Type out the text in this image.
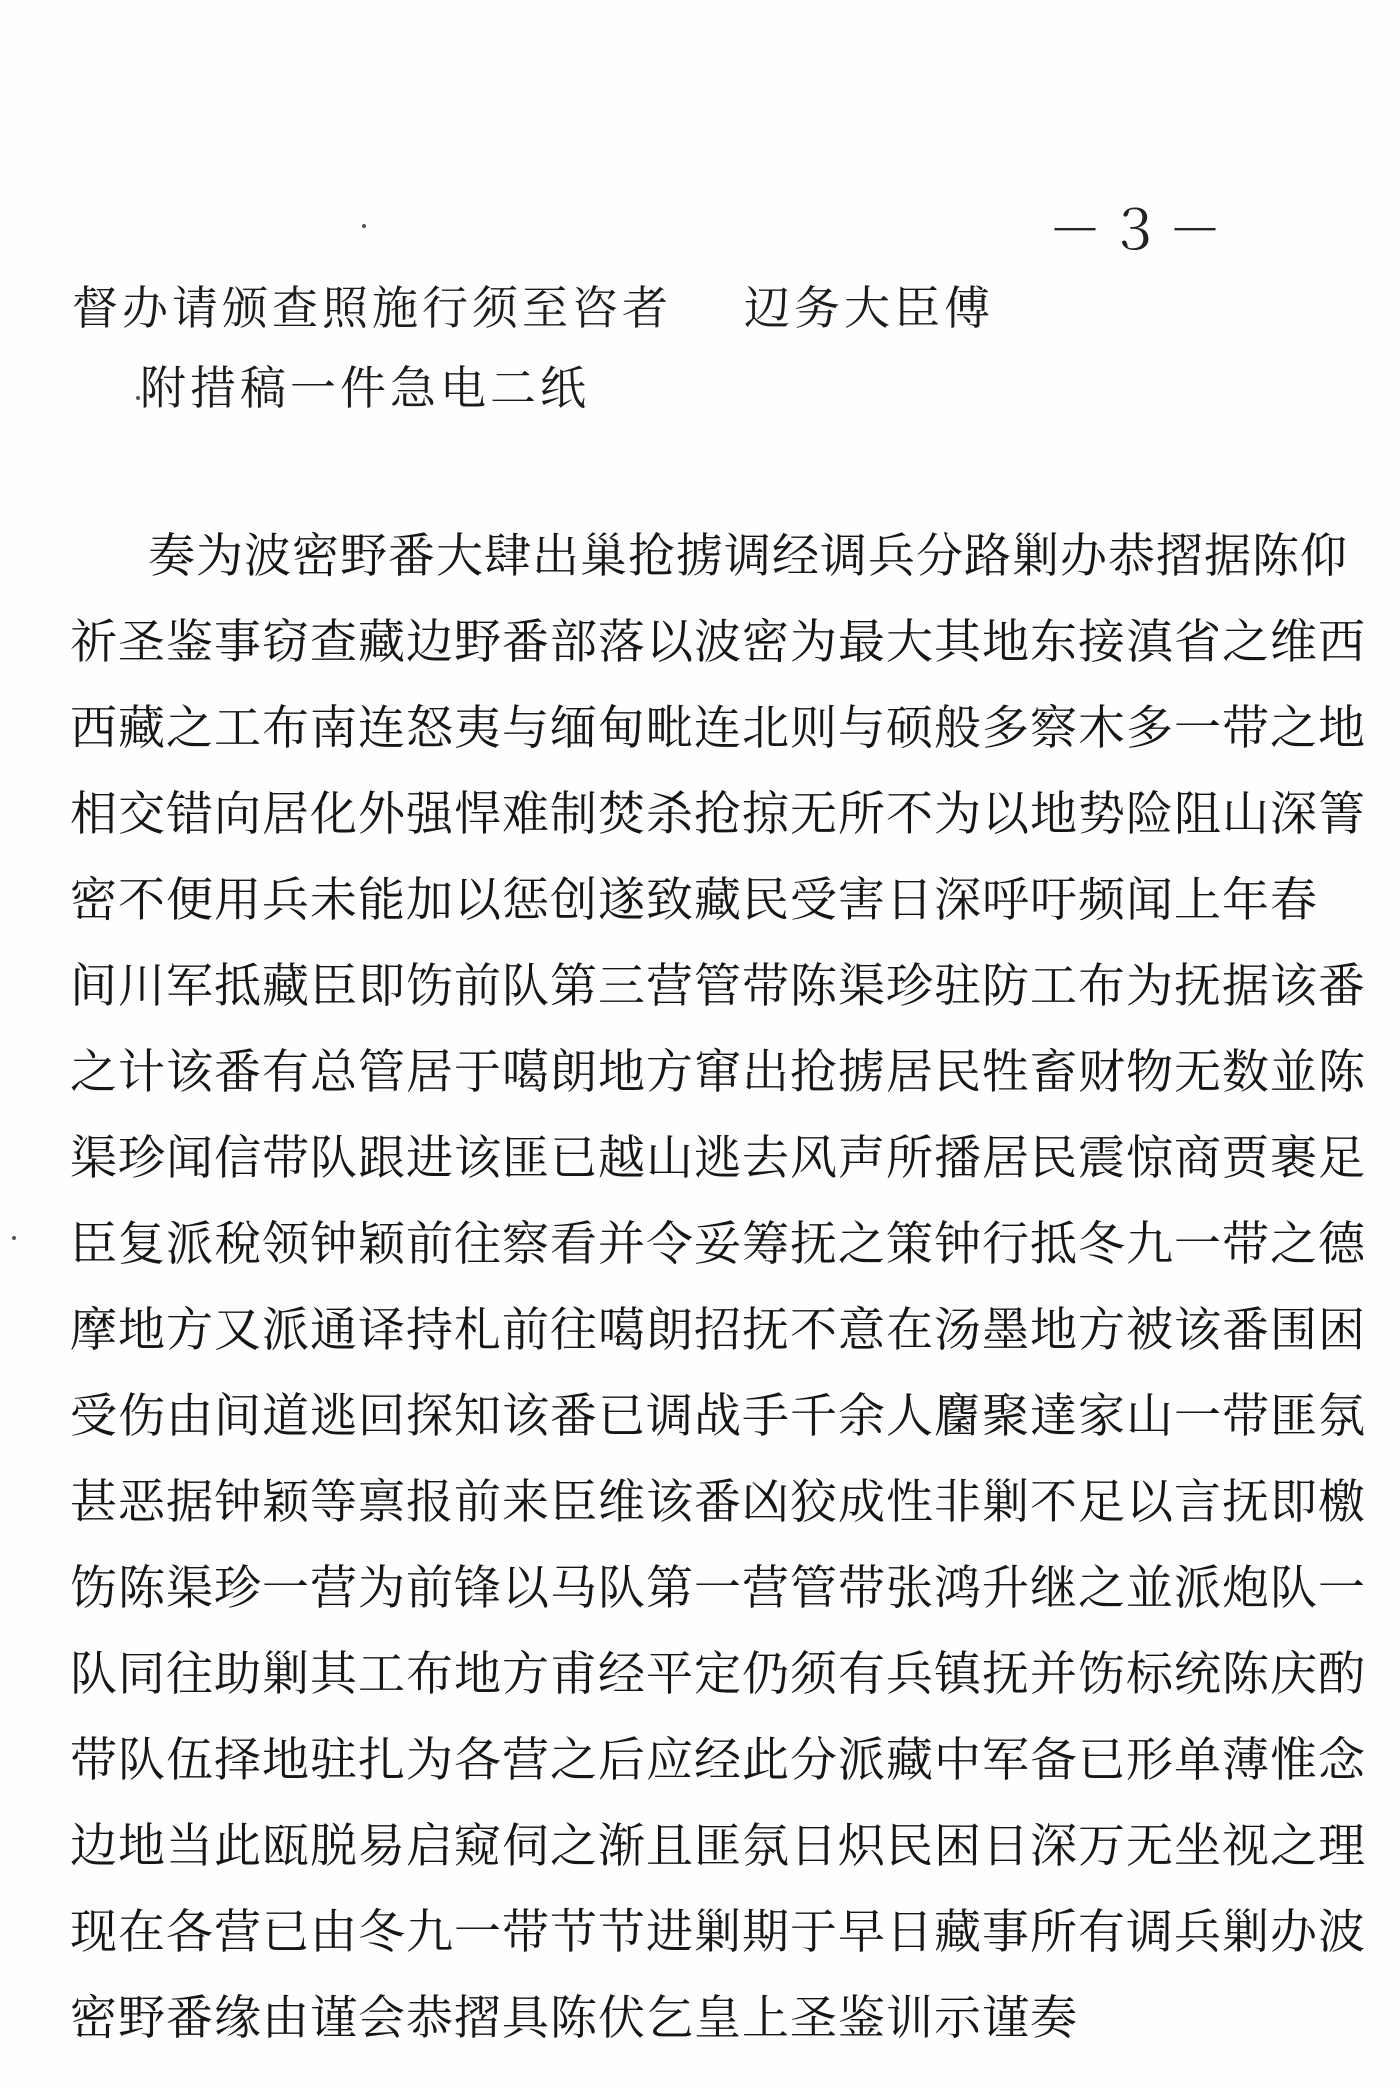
－３－
督办请颁查照施行须至咨者 辺务大臣傅
附措稿一件急电二纸
奏为波密野番大肆出巢抢掳调经调兵分路剿办恭摺据陈仰
祈圣鉴事窃查藏边野番部落以波密为最大其地东接滇省之维西
西藏之工布南连怒夷与缅甸毗连北则与硕般多察木多一带之地
相交错向居化外强悍难制焚杀抢掠无所不为以地势险阻山深箐
密不便用兵未能加以惩创遂致藏民受害日深呼吁频闻上年春
间川军抵藏臣即饬前队第三营管带陈渠珍驻防工布为抚据该番
之计该番有总管居于噶朗地方窜出抢掳居民牲畜财物无数並陈
渠珍闻信带队跟进该匪已越山逃去风声所播居民震惊商贾裹足
臣复派稅领钟颖前往察看并令妥筹抚之策钟行抵冬九一带之德
摩地方又派通译持札前往噶朗招抚不意在汤墨地方被该番围困
受伤由间道逃回探知该番已调战手千余人麕聚達家山一带匪氛
甚恶据钟颖等禀报前来臣维该番凶狡成性非剿不足以言抚即檄
饬陈渠珍一营为前锋以马队第一营管带张鸿升继之並派炮队一
队同往助剿其工布地方甫经平定仍须有兵镇抚并饬标统陈庆酌
带队伍择地驻扎为各营之后应经此分派藏中军备已形单薄惟念
边地当此瓯脱易启窥伺之渐且匪氛日炽民困日深万无坐视之理
现在各营已由冬九一带节节进剿期于早日藏事所有调兵剿办波
密野番缘由谨会恭摺具陈伏乞皇上圣鉴训示谨奏
